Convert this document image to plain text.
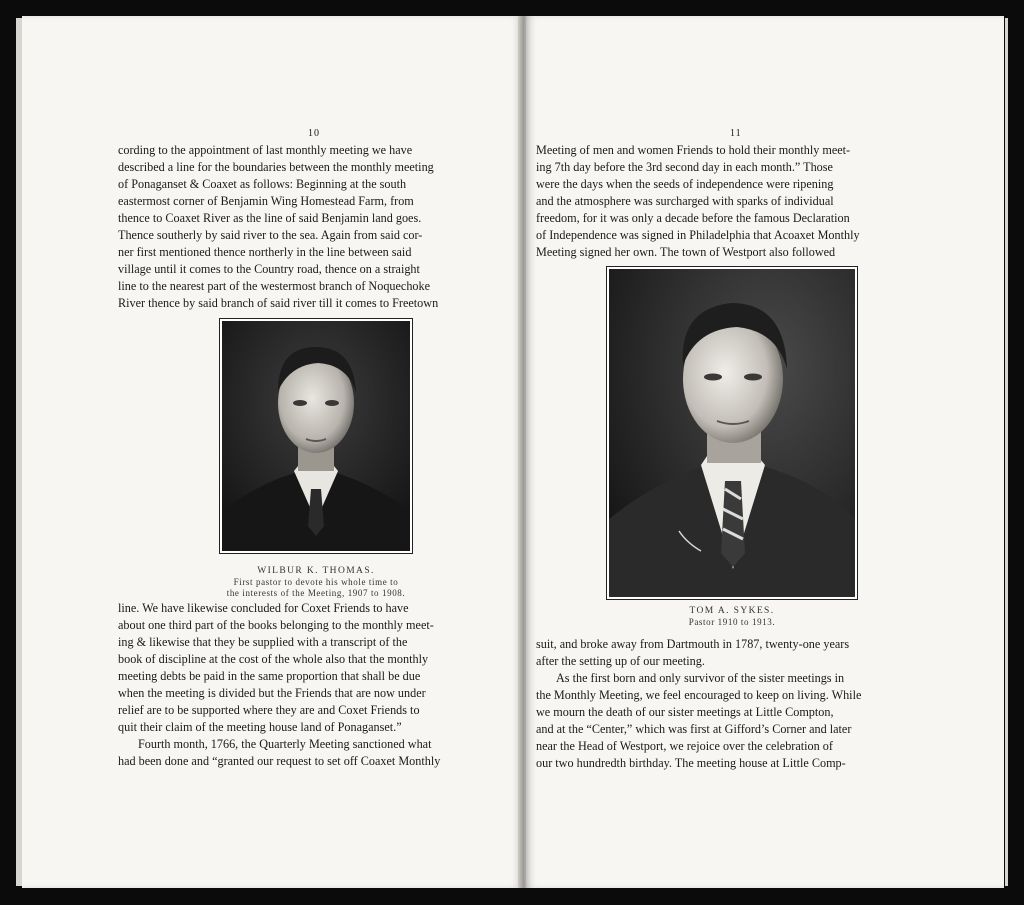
10
cording to the appointment of last monthly meeting we have
described a line for the boundaries between the monthly meeting
of Ponaganset & Coaxet as follows: Beginning at the south
eastermost corner of Benjamin Wing Homestead Farm, from
thence to Coaxet River as the line of said Benjamin land goes.
Thence southerly by said river to the sea. Again from said cor-
ner first mentioned thence northerly in the line between said
village until it comes to the Country road, thence on a straight
line to the nearest part of the westermost branch of Noquechoke
River thence by said branch of said river till it comes to Freetown
WILBUR K. THOMAS.
First pastor to devote his whole time to
the interests of the Meeting, 1907 to 1908.
line. We have likewise concluded for Coxet Friends to have
about one third part of the books belonging to the monthly meet-
ing & likewise that they be supplied with a transcript of the
book of discipline at the cost of the whole also that the monthly
meeting debts be paid in the same proportion that shall be due
when the meeting is divided but the Friends that are now under
relief are to be supported where they are and Coxet Friends to
quit their claim of the meeting house land of Ponaganset.”
Fourth month, 1766, the Quarterly Meeting sanctioned what
had been done and “granted our request to set off Coaxet Monthly
11
Meeting of men and women Friends to hold their monthly meet-
ing 7th day before the 3rd second day in each month.” Those
were the days when the seeds of independence were ripening
and the atmosphere was surcharged with sparks of individual
freedom, for it was only a decade before the famous Declaration
of Independence was signed in Philadelphia that Acoaxet Monthly
Meeting signed her own. The town of Westport also followed
TOM A. SYKES.
Pastor 1910 to 1913.
suit, and broke away from Dartmouth in 1787, twenty-one years
after the setting up of our meeting.
As the first born and only survivor of the sister meetings in
the Monthly Meeting, we feel encouraged to keep on living. While
we mourn the death of our sister meetings at Little Compton,
and at the “Center,” which was first at Gifford’s Corner and later
near the Head of Westport, we rejoice over the celebration of
our two hundredth birthday. The meeting house at Little Comp-
